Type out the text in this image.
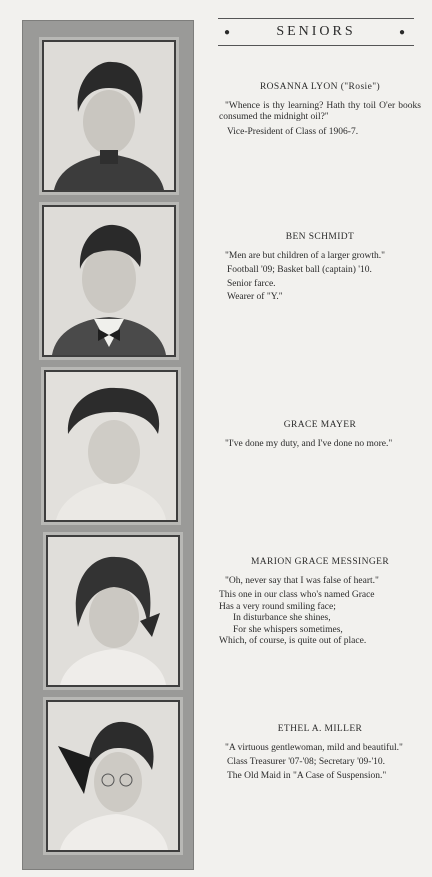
●	SENIORS	●
ROSANNA LYON ("Rosie")

"Whence is thy learning? Hath thy toil O'er books consumed the midnight oil?"

Vice-President of Class of 1906-7.

BEN SCHMIDT

"Men are but children of a larger growth."

Football '09; Basket ball (captain) '10.

Senior farce.

Wearer of "Y."

GRACE MAYER

"I've done my duty, and I've done no more."

MARION GRACE MESSINGER

"Oh, never say that I was false of heart."

This one in our class who's named Grace

Has a very round smiling face;

In disturbance she shines,

For she whispers sometimes,

Which, of course, is quite out of place.

ETHEL A. MILLER

"A virtuous gentlewoman, mild and beautiful."

Class Treasurer '07-'08; Secretary '09-'10.

The Old Maid in "A Case of Suspension."
